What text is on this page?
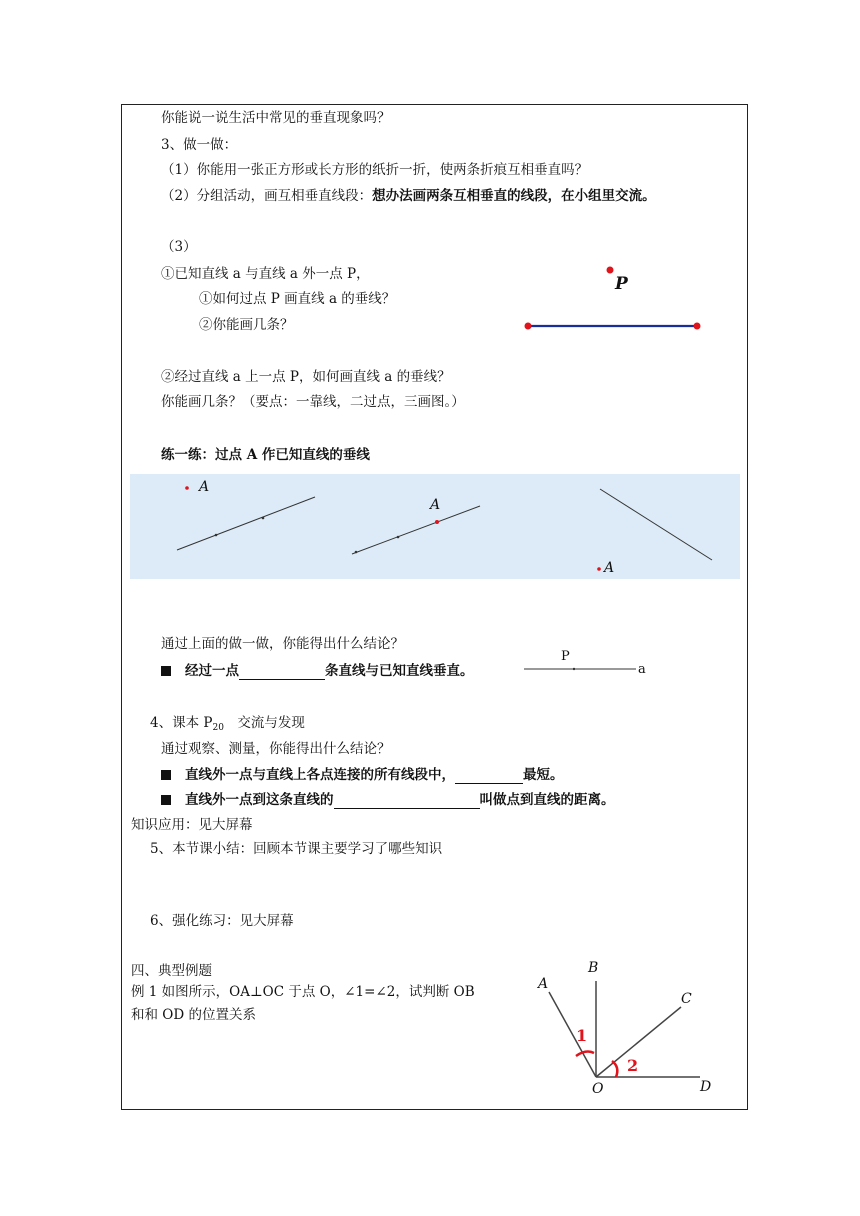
你能说一说生活中常见的垂直现象吗？
3、做一做：
（1）你能用一张正方形或长方形的纸折一折，使两条折痕互相垂直吗？
（2）分组活动，画互相垂直线段：想办法画两条互相垂直的线段，在小组里交流。
（3）
①已知直线 a 与直线 a 外一点 P，
①如何过点 P 画直线 a 的垂线？
②你能画几条？
P
②经过直线 a 上一点 P，如何画直线 a 的垂线？
你能画几条？（要点：一靠线，二过点，三画图。）
练一练：过点 A 作已知直线的垂线
A
A
A
通过上面的做一做，你能得出什么结论？
经过一点	条直线与已知直线垂直。
P
a
4、课本 $P_{20}$　交流与发现
通过观察、测量，你能得出什么结论？
直线外一点与直线上各点连接的所有线段中，	最短。
直线外一点到这条直线的	叫做点到直线的距离。
知识应用：见大屏幕
5、本节课小结：回顾本节课主要学习了哪些知识
6、强化练习：见大屏幕
四、典型例题
例 1 如图所示，OA⊥OC 于点 O，∠1=∠2，试判断 OB
和和 OD 的位置关系
A
B
C
D
O
1
2
